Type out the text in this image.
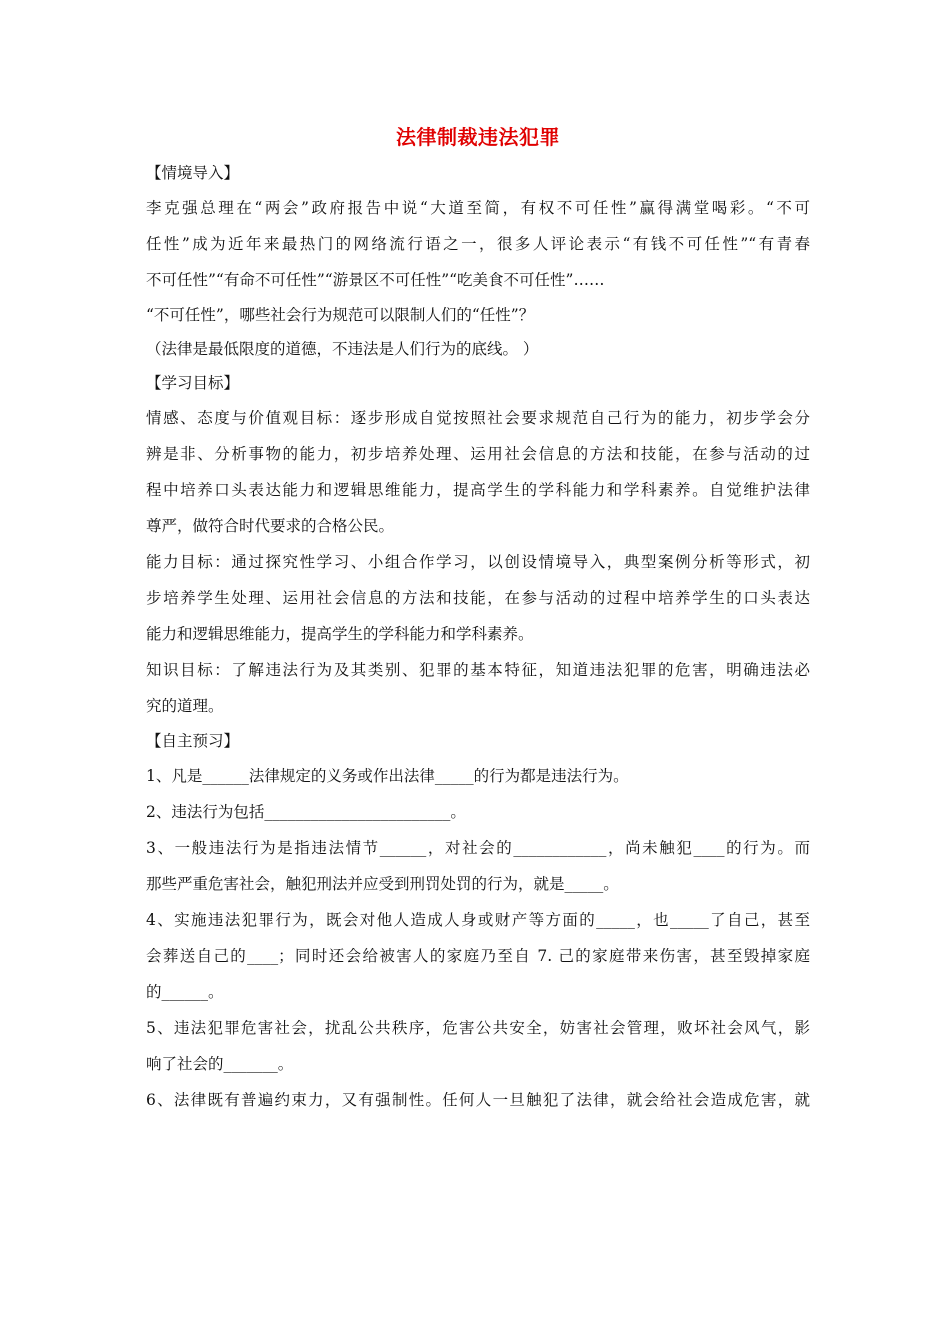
法律制裁违法犯罪
【情境导入】
李克强总理在“两会”政府报告中说“大道至简，有权不可任性”赢得满堂喝彩。“不可
任性”成为近年来最热门的网络流行语之一，很多人评论表示“有钱不可任性”“有青春
不可任性”“有命不可任性”“游景区不可任性”“吃美食不可任性”……
“不可任性”，哪些社会行为规范可以限制人们的“任性”？
（法律是最低限度的道德，不违法是人们行为的底线。 ）
【学习目标】
情感、态度与价值观目标：逐步形成自觉按照社会要求规范自己行为的能力，初步学会分
辨是非、分析事物的能力，初步培养处理、运用社会信息的方法和技能，在参与活动的过
程中培养口头表达能力和逻辑思维能力，提高学生的学科能力和学科素养。自觉维护法律
尊严，做符合时代要求的合格公民。
能力目标：通过探究性学习、小组合作学习，以创设情境导入，典型案例分析等形式，初
步培养学生处理、运用社会信息的方法和技能，在参与活动的过程中培养学生的口头表达
能力和逻辑思维能力，提高学生的学科能力和学科素养。
知识目标：了解违法行为及其类别、犯罪的基本特征，知道违法犯罪的危害，明确违法必
究的道理。
【自主预习】
1、凡是______法律规定的义务或作出法律_____的行为都是违法行为。
2、违法行为包括________________________。
3、一般违法行为是指违法情节______，对社会的____________，尚未触犯____的行为。而
那些严重危害社会，触犯刑法并应受到刑罚处罚的行为，就是_____。
4、实施违法犯罪行为，既会对他人造成人身或财产等方面的_____，也_____了自己，甚至
会葬送自己的____；同时还会给被害人的家庭乃至自 7. 己的家庭带来伤害，甚至毁掉家庭
的______。
5、违法犯罪危害社会，扰乱公共秩序，危害公共安全，妨害社会管理，败坏社会风气，影
响了社会的_______。
6、法律既有普遍约束力，又有强制性。任何人一旦触犯了法律，就会给社会造成危害，就
